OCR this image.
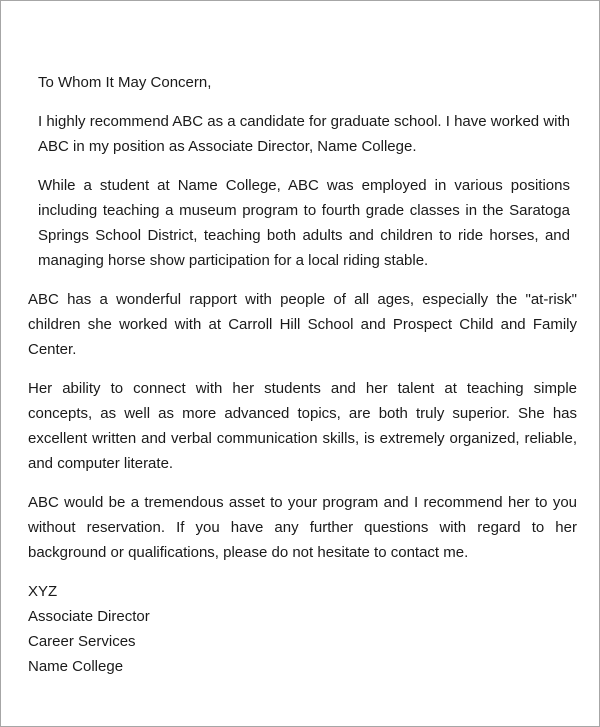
To Whom It May Concern,

I highly recommend ABC as a candidate for graduate school. I have worked with
ABC in my position as Associate Director, Name College.
While a student at Name College, ABC was employed in various positions
including teaching a museum program to fourth grade classes in the Saratoga
Springs School District, teaching both adults and children to ride horses, and
managing horse show participation for a local riding stable.
ABC has a wonderful rapport with people of all ages, especially the "at-risk"
children she worked with at Carroll Hill School and Prospect Child and Family
Center.
Her ability to connect with her students and her talent at teaching simple
concepts, as well as more advanced topics, are both truly superior. She has
excellent written and verbal communication skills, is extremely organized, reliable,
and computer literate.
ABC would be a tremendous asset to your program and I recommend her to you
without reservation. If you have any further questions with regard to her
background or qualifications, please do not hesitate to contact me.
XYZ
Associate Director
Career Services
Name College
